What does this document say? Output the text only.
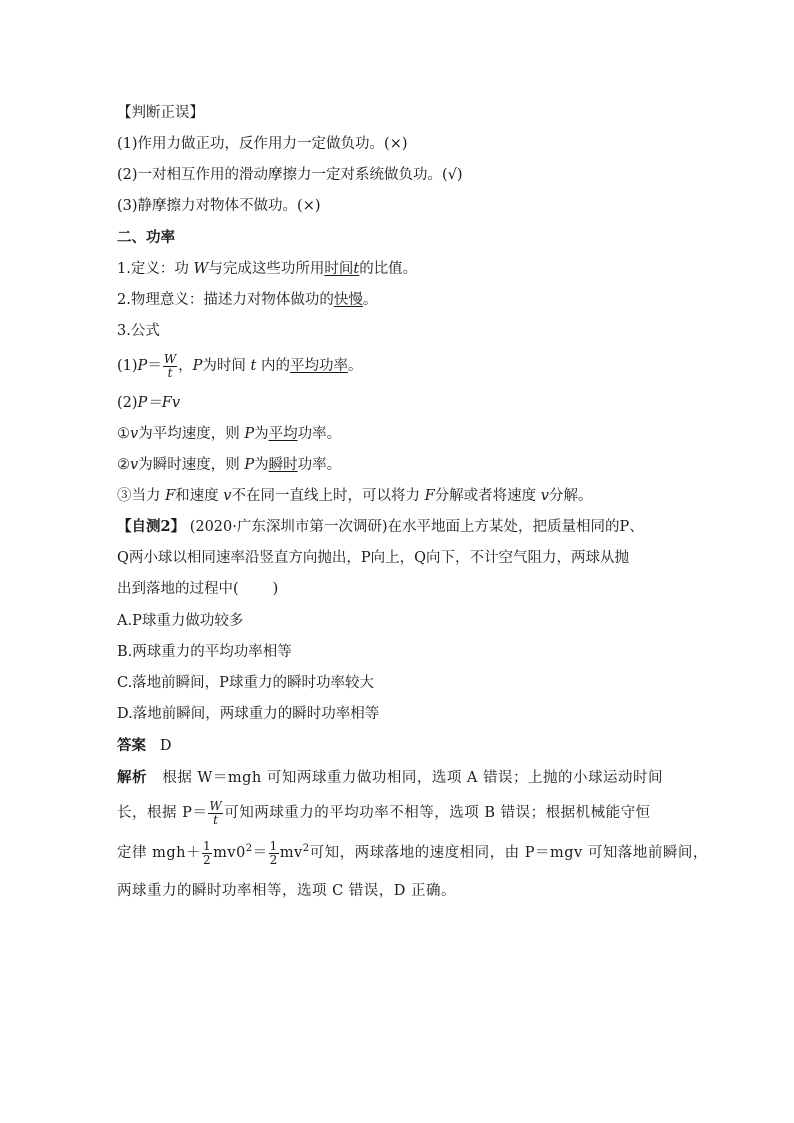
【判断正误】
(1)作用力做正功，反作用力一定做负功。(×)
(2)一对相互作用的滑动摩擦力一定对系统做负功。(√)
(3)静摩擦力对物体不做功。(×)
二、功率
1.定义：功 W与完成这些功所用时间t的比值。
2.物理意义：描述力对物体做功的快慢。
3.公式
$(1)P= \frac{W}{t}$ ，P为时间 t 内的平均功率。
(2)P＝Fv
①v为平均速度，则 P为平均功率。
②v为瞬时速度，则 P为瞬时功率。
③当力 F和速度 v不在同一直线上时，可以将力 F分解或者将速度 v分解。
【自测2】 (2020·广东深圳市第一次调研)在水平地面上方某处，把质量相同的P、
Q两小球以相同速率沿竖直方向抛出，P向上，Q向下，不计空气阻力，两球从抛
出到落地的过程中( )
A.P球重力做功较多
B.两球重力的平均功率相等
C.落地前瞬间，P球重力的瞬时功率较大
D.落地前瞬间，两球重力的瞬时功率相等
答案 D
解析 根据 W＝mgh 可知两球重力做功相同，选项 A 错误；上抛的小球运动时间
长，根据 $P= \frac{W}{t}$ 可知两球重力的平均功率不相等，选项 B 错误；根据机械能守恒
定律 $mgh+ \frac{1}{2} mv0^2= \frac{1}{2} mv^2$可知，两球落地的速度相同，由 P＝mgv 可知落地前瞬间，
两球重力的瞬时功率相等，选项 C 错误，D 正确。
